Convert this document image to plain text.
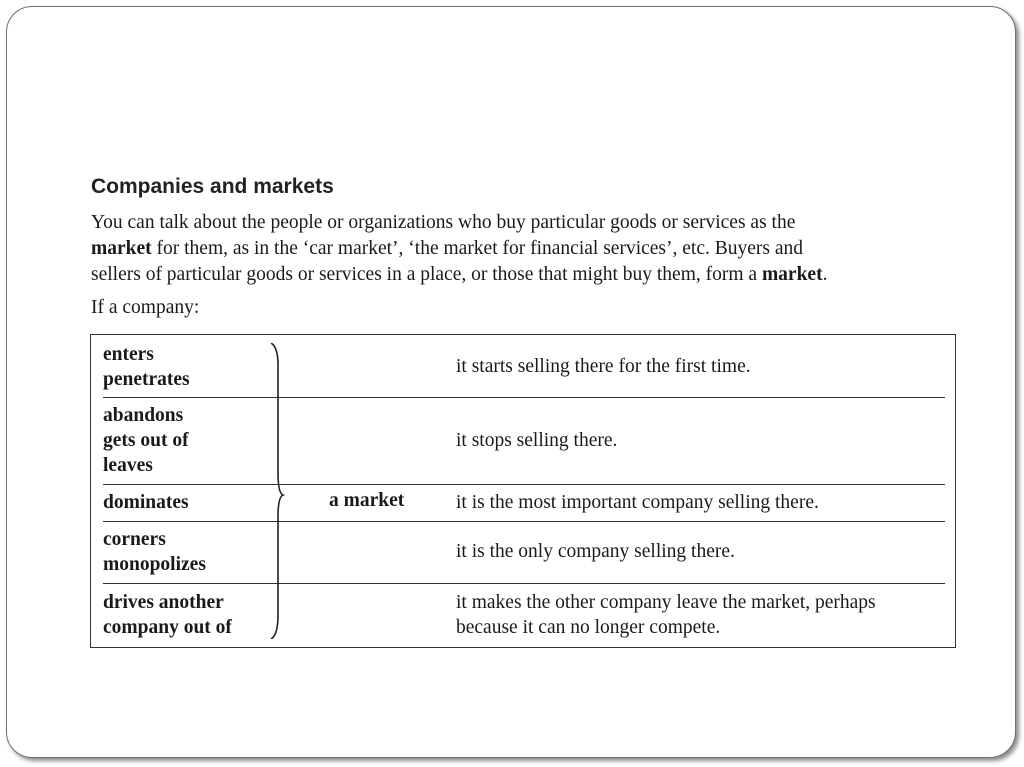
Companies and markets
You can talk about the people or organizations who buy particular goods or services as the
market for them, as in the ‘car market’, ‘the market for financial services’, etc. Buyers and
sellers of particular goods or services in a place, or those that might buy them, form a market.
If a company:
enters
penetrates
it starts selling there for the first time.
abandons
gets out of
leaves
it stops selling there.
dominates	it is the most important company selling there.
corners
monopolizes
it is the only company selling there.
drives another
company out of
it makes the other company leave the market, perhaps
because it can no longer compete.
a market
